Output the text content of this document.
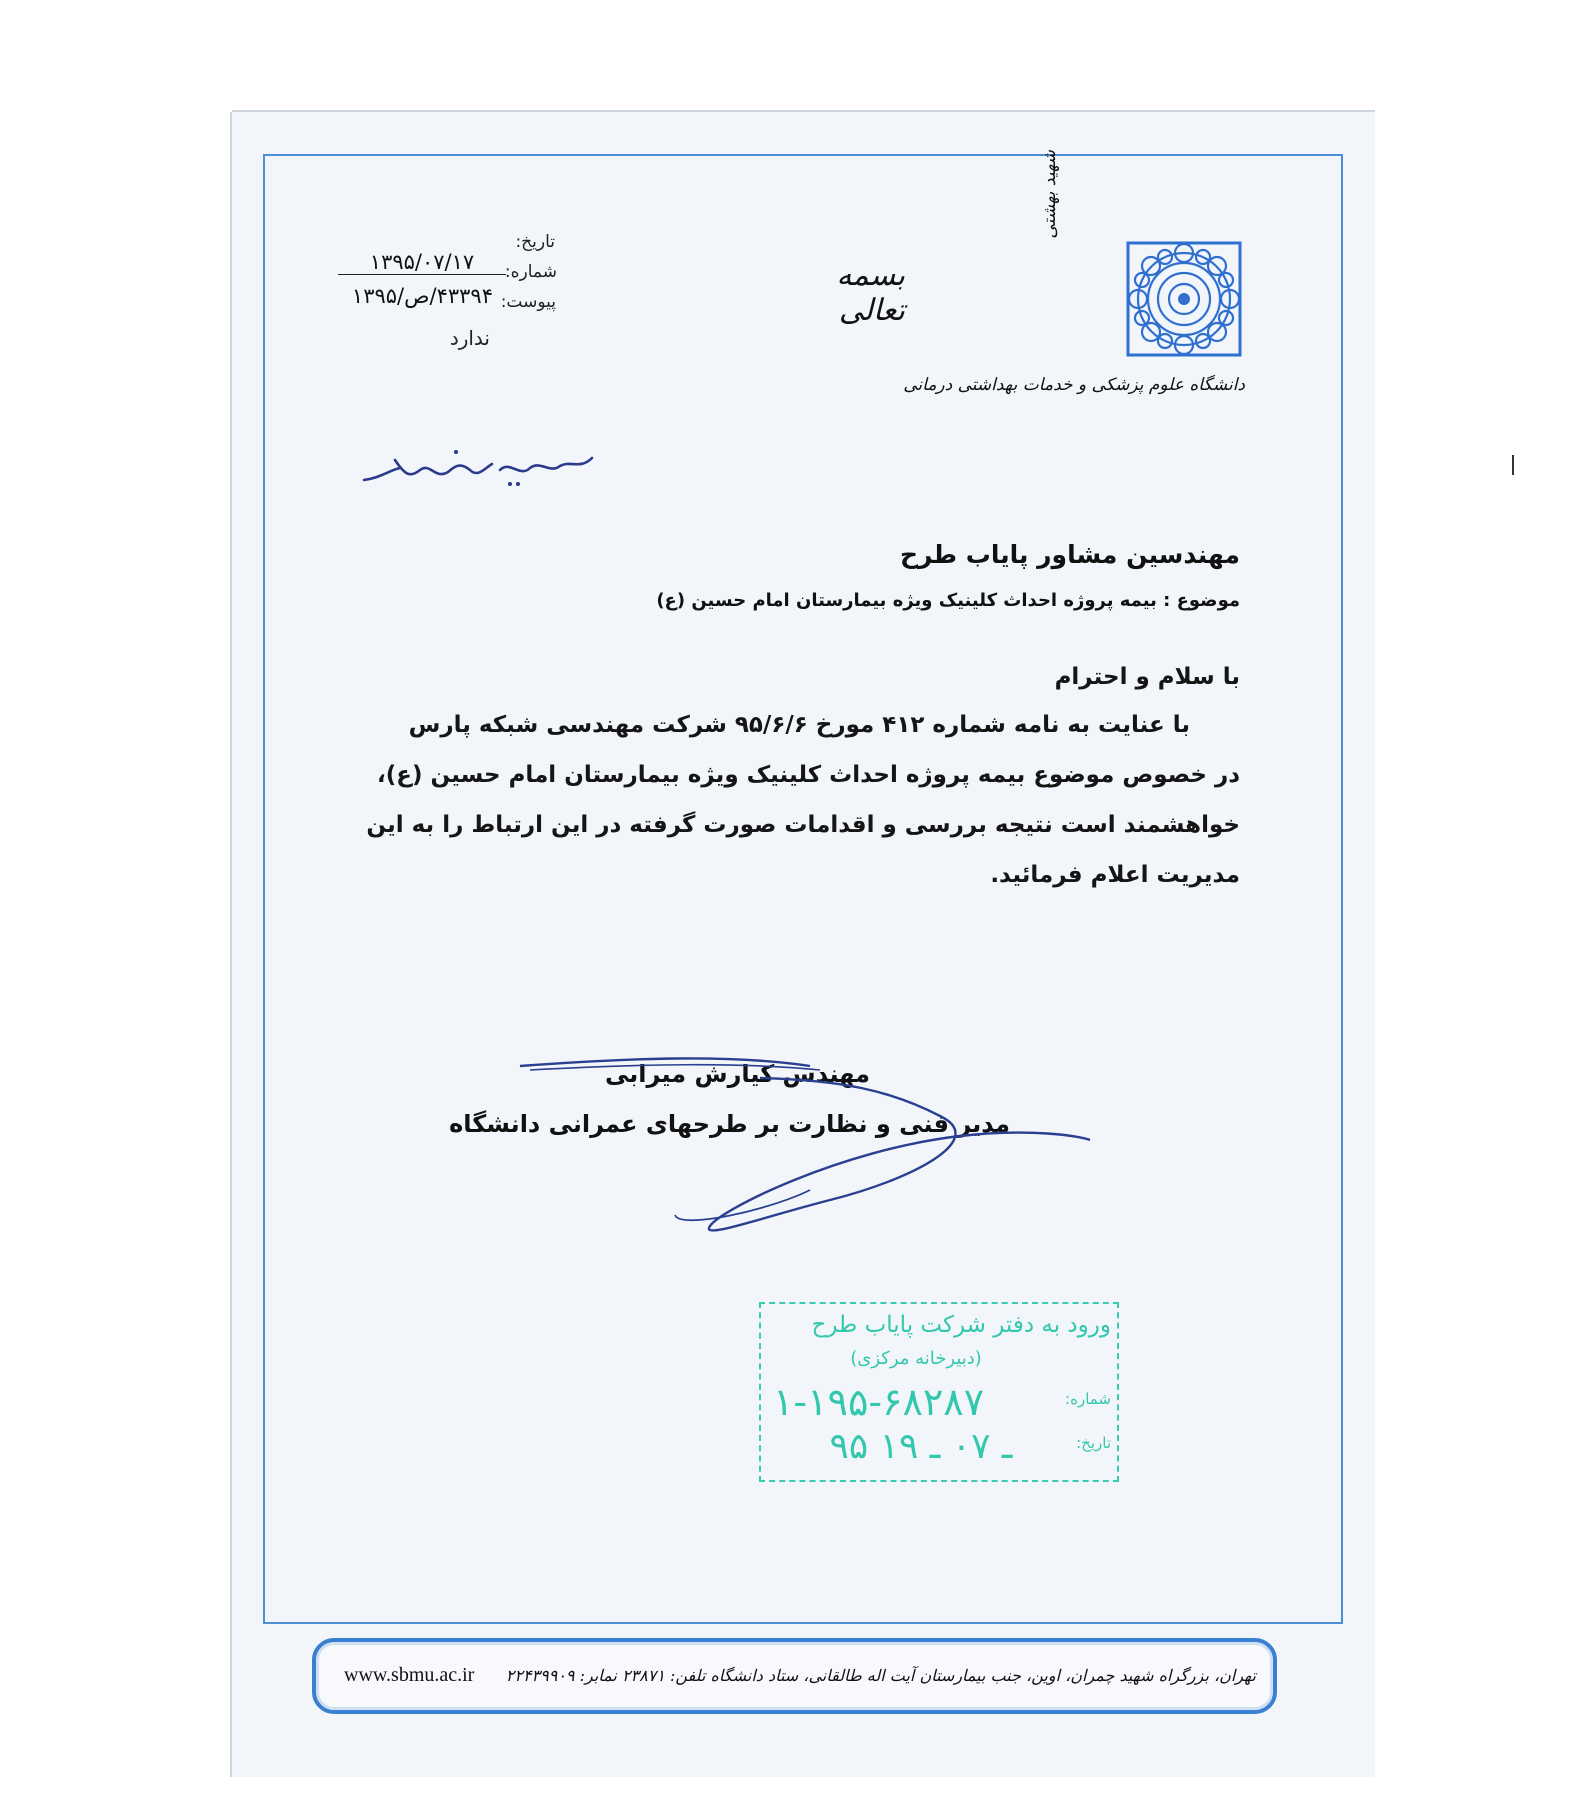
تاریخ:
۱۳۹۵/۰۷/۱۷	شماره:
۴۳۳۹۴/ص/۱۳۹۵ پیوست:
ندارد
بسمه تعالی
شهید بهشتی
دانشگاه علوم پزشکی و خدمات بهداشتی درمانی
مهندسین مشاور پایاب طرح
موضوع : بیمه پروژه احداث کلینیک ویژه بیمارستان امام حسین (ع)
با سلام و احترام
با عنایت به نامه شماره ۴۱۲ مورخ ۹۵/۶/۶ شرکت مهندسی شبکه پارس
در خصوص موضوع بیمه پروژه احداث کلینیک ویژه بیمارستان امام حسین (ع)،
خواهشمند است نتیجه بررسی و اقدامات صورت گرفته در این ارتباط را به این
مدیریت اعلام فرمائید.
مهندس کیارش میرابی
مدیر فنی و نظارت بر طرحهای عمرانی دانشگاه
ورود به دفتر شرکت پایاب طرح
(دبیرخانه مرکزی)
شماره:
۱-۱۹۵-۶۸۲۸۷
تاریخ:
۹۵ ـ ۰۷ ـ ۱۹
www.sbmu.ac.ir تهران، بزرگراه شهید چمران، اوین، جنب بیمارستان آیت اله طالقانی، ستاد دانشگاه تلفن: ۲۳۸۷۱ نمابر: ۲۲۴۳۹۹۰۹
